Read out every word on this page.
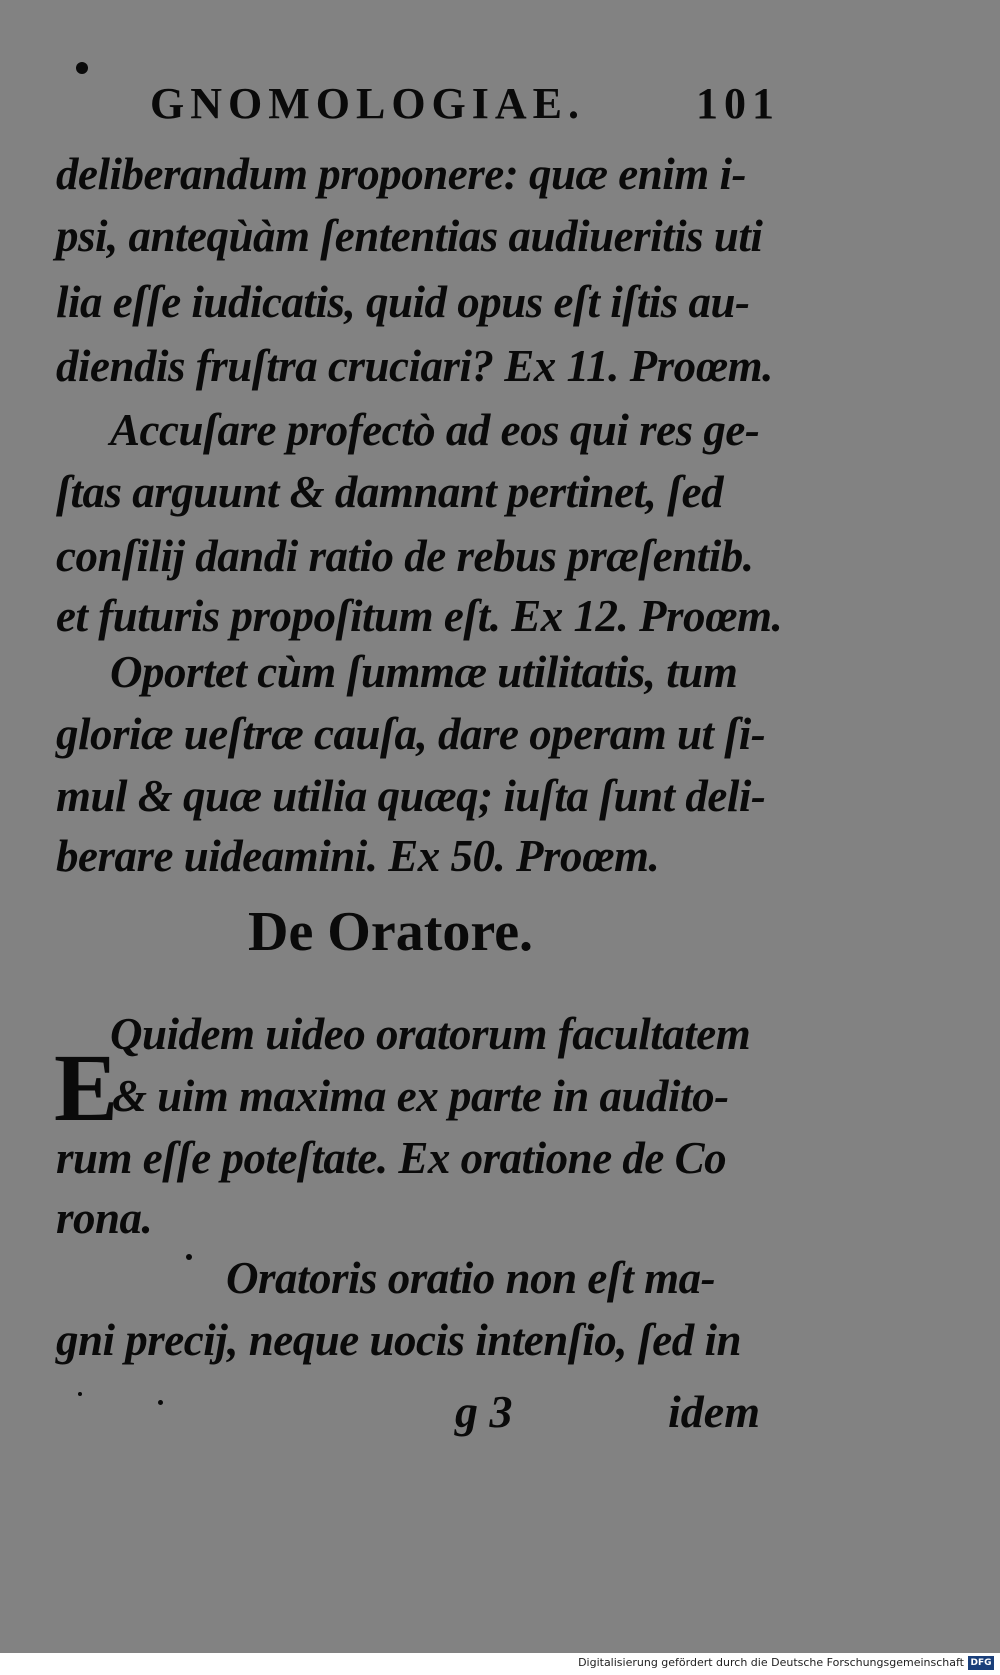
GNOMOLOGIAE.	101
deliberandum proponere: quæ enim i-
psi, anteqùàm ſententias audiueritis uti
lia eſſe iudicatis, quid opus eſt iſtis au-
diendis fruſtra cruciari? Ex 11. Proœm.
Accuſare profectò ad eos qui res ge-
ſtas arguunt & damnant pertinet, ſed
conſilij dandi ratio de rebus præſentib.
et futuris propoſitum eſt. Ex 12. Proœm.
Oportet cùm ſummæ utilitatis, tum
gloriæ ueſtræ cauſa, dare operam ut ſi-
mul & quæ utilia quæq; iuſta ſunt deli-
berare uideamini. Ex 50. Proœm.
De Oratore.
E
Quidem uideo oratorum facultatem
& uim maxima ex parte in audito-
rum eſſe poteſtate. Ex oratione de Co
rona.
Oratoris oratio non eſt ma-
gni precij, neque uocis intenſio, ſed in
g 3	idem
Digitalisierung gefördert durch die Deutsche Forschungsgemeinschaft DFG
